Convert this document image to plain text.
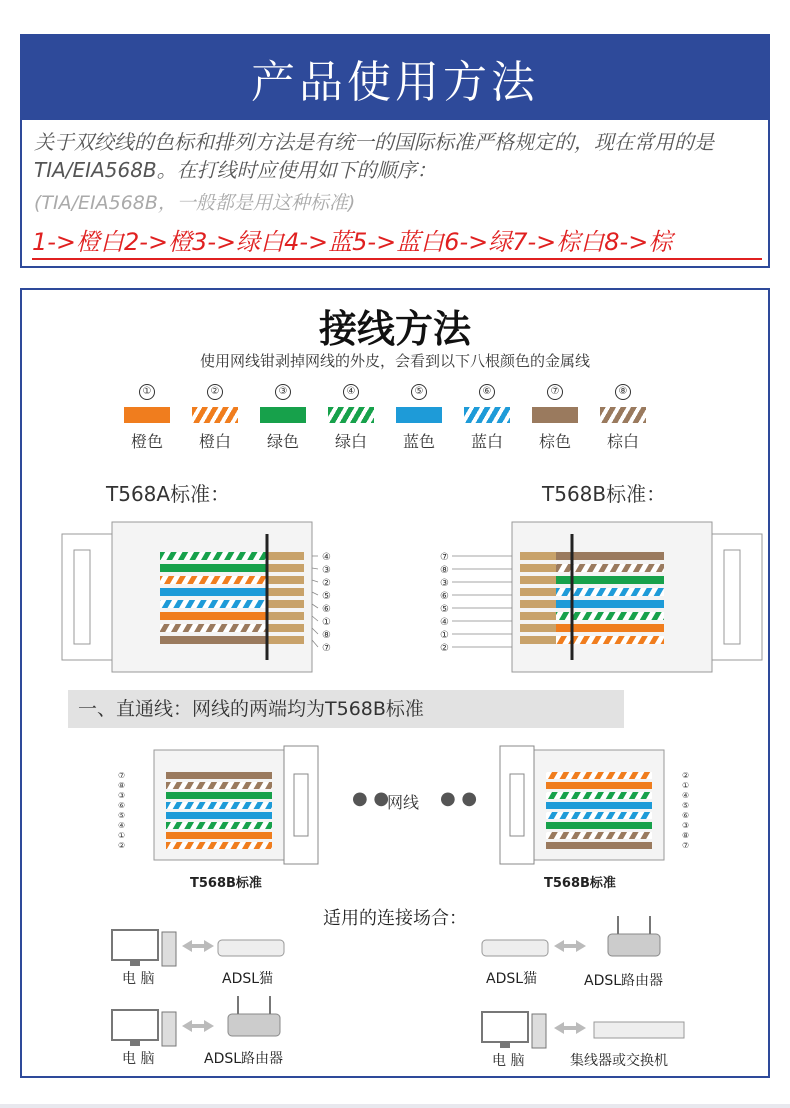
产品使用方法
关于双绞线的色标和排列方法是有统一的国际标准严格规定的，现在常用的是TIA/EIA568B。在打线时应使用如下的顺序：
(TIA/EIA568B，一般都是用这种标准)
1->橙白2->橙3->绿白4->蓝5->蓝白6->绿7->棕白8->棕
接线方法
使用网线钳剥掉网线的外皮，会看到以下八根颜色的金属线
①
橙色
②
橙白
③
绿色
④
绿白
⑤
蓝色
⑥
蓝白
⑦
棕色
⑧
棕白
T568A标准：	T568B标准：
④
③
②
⑤
⑥
①
⑧
⑦
⑦
⑧
③
⑥
⑤
④
①
②
⑦
⑧
③
⑥
⑤
④
①
②
②
①
④
⑤
⑥
③
⑧
⑦
一、直通线：网线的两端均为T568B标准
网线
● ●	● ●
T568B标准	T568B标准
适用的连接场合：
电 脑	ADSL猫	ADSL猫	ADSL路由器
电 脑	ADSL路由器	电 脑	集线器或交换机
